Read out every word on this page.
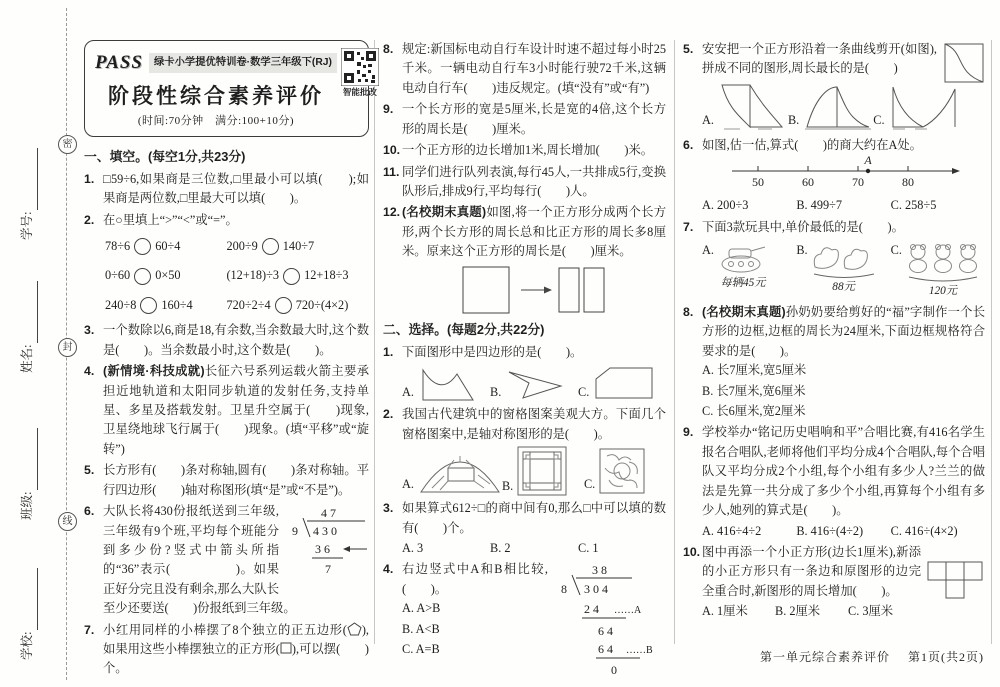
密
封
线
学号:
姓名:
班级:
学校:
PASS	绿卡小学提优特训卷·数学三年级下(RJ)
阶段性综合素养评价
(时间:70分钟　满分:100+10分)
智能批改
一、填空。(每空1分,共23分)
1. □59÷6,如果商是三位数,□里最小可以填(　　);如果商是两位数,□里最大可以填(　　)。
2. 在○里填上“>”“<”或“=”。
78÷6 60÷4	200÷9 140÷7
0÷60 0×50	(12+18)÷3 12+18÷3
240÷8 160÷4	720÷2÷4 720÷(4×2)
3. 一个数除以6,商是18,有余数,当余数最大时,这个数是(　　)。当余数最小时,这个数是(　　)。
4. (新情境·科技成就)长征六号系列运载火箭主要承担近地轨道和太阳同步轨道的发射任务,支持单星、多星及搭载发射。卫星升空属于(　　)现象,卫星绕地球飞行属于(　　)现象。(填“平移”或“旋转”)
5. 长方形有(　　)条对称轴,圆有(　　)条对称轴。平行四边形(　　)轴对称图形(填“是”或“不是”)。
6.	4 7
9 4 3 0
3 6
7
大队长将430份报纸送到三年级,三年级有9个班,平均每个班能分到多少份?竖式中箭头所指的“36”表示(　　　　　)。如果正好分完且没有剩余,那么大队长至少还要送(　　)份报纸到三年级。
7. 小红用同样的小棒摆了8个独立的正五边形( ),如果用这些小棒摆独立的正方形( ),可以摆(　　)个。
8. 规定:新国标电动自行车设计时速不超过每小时25千米。一辆电动自行车3小时能行驶72千米,这辆电动自行车(　　)违反规定。(填“没有”或“有”)
9. 一个长方形的宽是5厘米,长是宽的4倍,这个长方形的周长是(　　)厘米。
10. 一个正方形的边长增加1米,周长增加(　　)米。
11. 同学们进行队列表演,每行45人,一共排成5行,变换队形后,排成9行,平均每行(　　)人。
12. (名校期末真题)如图,将一个正方形分成两个长方形,两个长方形的周长总和比正方形的周长多8厘米。原来这个正方形的周长是(　　)厘米。
二、选择。(每题2分,共22分)
1. 下面图形中是四边形的是(　　)。
A.	B.	C.
2. 我国古代建筑中的窗格图案美观大方。下面几个窗格图案中,是轴对称图形的是(　　)。
A.	B.	C.
3. 如果算式612÷□的商中间有0,那么□中可以填的数有(　　)个。
A. 3	B. 2	C. 1
4.	3 8
8 3 0 4
2 4 ……A
6 4
6 4 ……B
0
右边竖式中A和B相比较,(　　)。
A. A>B
B. A<B
C. A=B
5. 安安把一个正方形沿着一条曲线剪开(如图),拼成不同的图形,周长最长的是(　　)
A.	B.	C.
6. 如图,估一估,算式(　　)的商大约在A处。
50	60	70	80
A
A. 200÷3	B. 499÷7	C. 258÷5
7. 下面3款玩具中,单价最低的是(　　)。
A.
每辆45元
B.
88元
C.
120元
8. (名校期末真题)孙奶奶要给剪好的“福”字制作一个长方形的边框,边框的周长为24厘米,下面边框规格符合要求的是(　　)。
A. 长7厘米,宽5厘米
B. 长7厘米,宽6厘米
C. 长6厘米,宽2厘米
9. 学校举办“铭记历史唱响和平”合唱比赛,有416名学生报名合唱队,老师将他们平均分成4个合唱队,每个合唱队又平均分成2个小组,每个小组有多少人?兰兰的做法是先算一共分成了多少个小组,再算每个小组有多少人,她列的算式是(　　)。
A. 416÷4÷2	B. 416÷(4÷2)	C. 416÷(4×2)
10. 图中再添一个小正方形(边长1厘米),新添的小正方形只有一条边和原图形的边完全重合时,新图形的周长增加(　　)。
A. 1厘米	B. 2厘米	C. 3厘米
第一单元综合素养评价 第1页(共2页)
